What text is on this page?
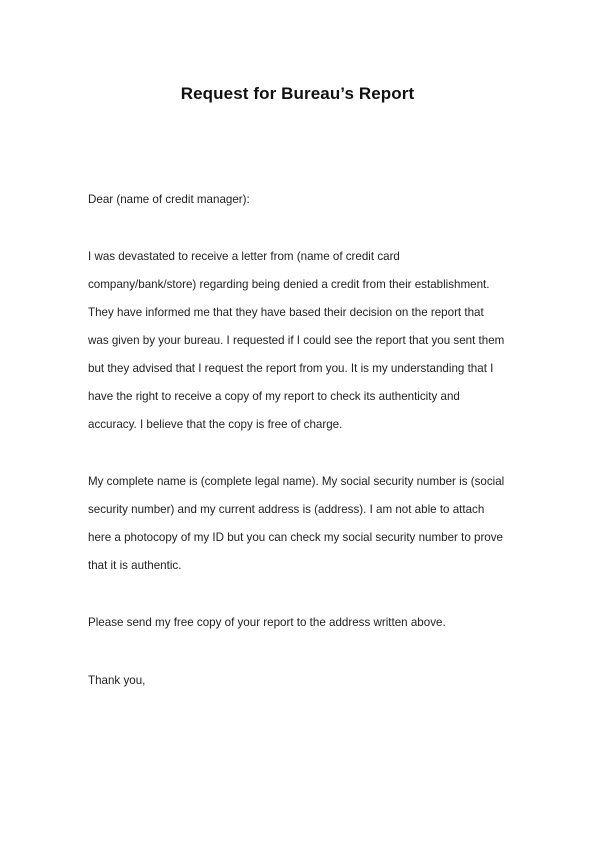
Request for Bureau’s Report
Dear (name of credit manager):
I was devastated to receive a letter from (name of credit card
company/bank/store) regarding being denied a credit from their establishment.
They have informed me that they have based their decision on the report that
was given by your bureau. I requested if I could see the report that you sent them
but they advised that I request the report from you. It is my understanding that I
have the right to receive a copy of my report to check its authenticity and
accuracy. I believe that the copy is free of charge.
My complete name is (complete legal name). My social security number is (social
security number) and my current address is (address). I am not able to attach
here a photocopy of my ID but you can check my social security number to prove
that it is authentic.
Please send my free copy of your report to the address written above.
Thank you,
